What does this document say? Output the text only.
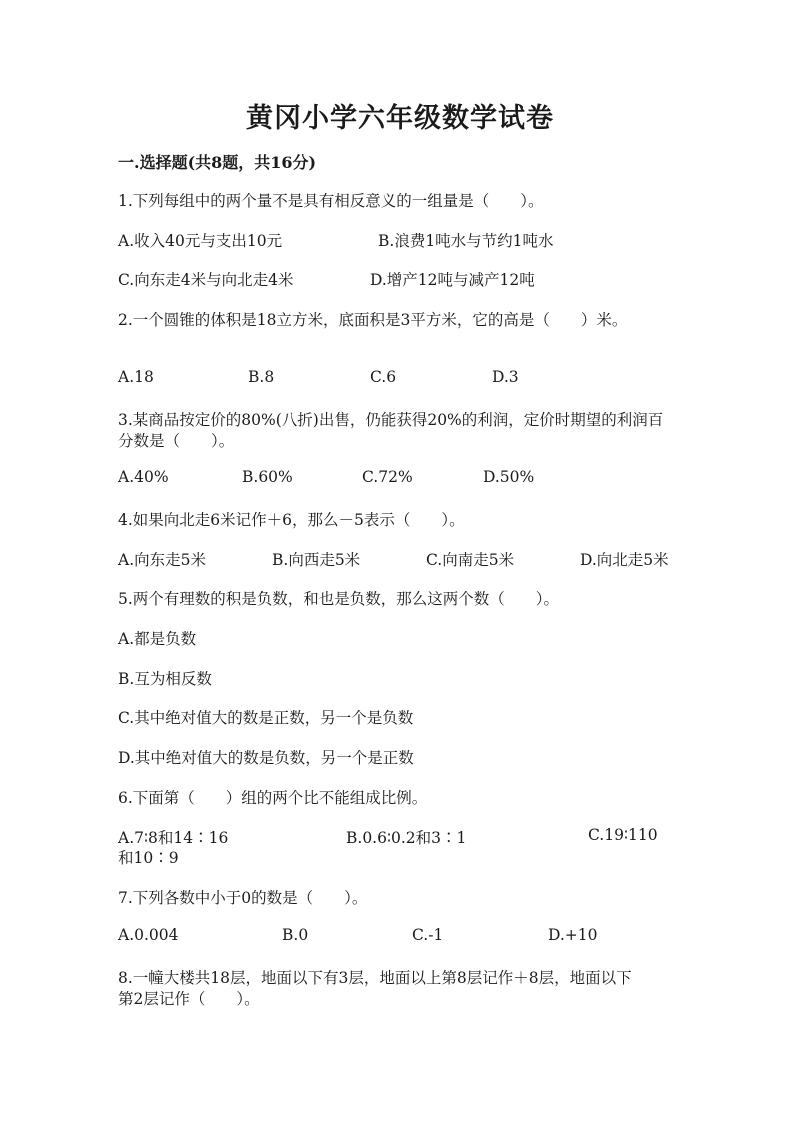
黄冈小学六年级数学试卷
一.选择题(共8题，共16分)
1.下列每组中的两个量不是具有相反意义的一组量是（　　）。
A.收入40元与支出10元	B.浪费1吨水与节约1吨水
C.向东走4米与向北走4米	D.增产12吨与减产12吨
2.一个圆锥的体积是18立方米，底面积是3平方米，它的高是（　　）米。
A.18	B.8	C.6	D.3
3.某商品按定价的80%(八折)出售，仍能获得20%的利润，定价时期望的利润百
分数是（　　）。
A.40%	B.60%	C.72%	D.50%
4.如果向北走6米记作＋6，那么－5表示（　　）。
A.向东走5米	B.向西走5米	C.向南走5米	D.向北走5米
5.两个有理数的积是负数，和也是负数，那么这两个数（　　）。
A.都是负数
B.互为相反数
C.其中绝对值大的数是正数，另一个是负数
D.其中绝对值大的数是负数，另一个是正数
6.下面第（　　）组的两个比不能组成比例。
A.7∶8和14∶16	B.0.6∶0.2和3∶1	C.19∶110
和10∶9
7.下列各数中小于0的数是（　　）。
A.0.004	B.0	C.-1	D.+10
8.一幢大楼共18层，地面以下有3层，地面以上第8层记作＋8层，地面以下
第2层记作（　　）。
